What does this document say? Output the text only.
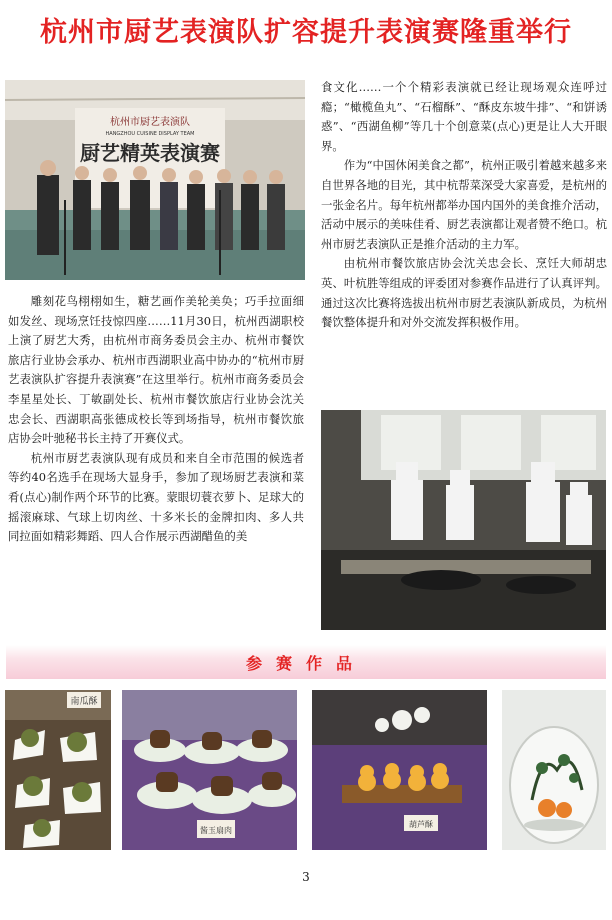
杭州市厨艺表演队扩容提升表演赛隆重举行
杭州市厨艺表演队
HANGZHOU CUISINE DISPLAY TEAM
厨艺精英表演赛

雕刻花鸟栩栩如生，糖艺画作美轮美奂；巧手拉面细如发丝、现场烹饪技惊四座……11月30日，杭州西湖职校上演了厨艺大秀，由杭州市商务委员会主办、杭州市餐饮旅店行业协会承办、杭州市西湖职业高中协办的“杭州市厨艺表演队扩容提升表演赛”在这里举行。杭州市商务委员会李星星处长、丁敏副处长、杭州市餐饮旅店行业协会沈关忠会长、西湖职高张德成校长等到场指导，杭州市餐饮旅店协会叶驰秘书长主持了开赛仪式。

杭州市厨艺表演队现有成员和来自全市范围的候选者等约40名选手在现场大显身手，参加了现场厨艺表演和菜肴(点心)制作两个环节的比赛。蒙眼切蓑衣萝卜、足球大的摇滚麻球、气球上切肉丝、十多米长的金牌扣肉、多人共同拉面如精彩舞蹈、四人合作展示西湖醋鱼的美

食文化……一个个精彩表演就已经让现场观众连呼过瘾；“橄榄鱼丸”、“石榴酥”、“酥皮东坡牛排”、“和饼诱惑”、“西湖鱼柳”等几十个创意菜(点心)更是让人大开眼界。

作为“中国休闲美食之都”，杭州正吸引着越来越多来自世界各地的目光，其中杭帮菜深受大家喜爱，是杭州的一张金名片。每年杭州都举办国内国外的美食推介活动，活动中展示的美味佳肴、厨艺表演都让观者赞不绝口。杭州市厨艺表演队正是推介活动的主力军。

由杭州市餐饮旅店协会沈关忠会长、烹饪大师胡忠英、叶杭胜等组成的评委团对参赛作品进行了认真评判。通过这次比赛将选拔出杭州市厨艺表演队新成员，为杭州餐饮整体提升和对外交流发挥积极作用。

参赛作品
南瓜酥
酱玉扇肉
葫芦酥
3
